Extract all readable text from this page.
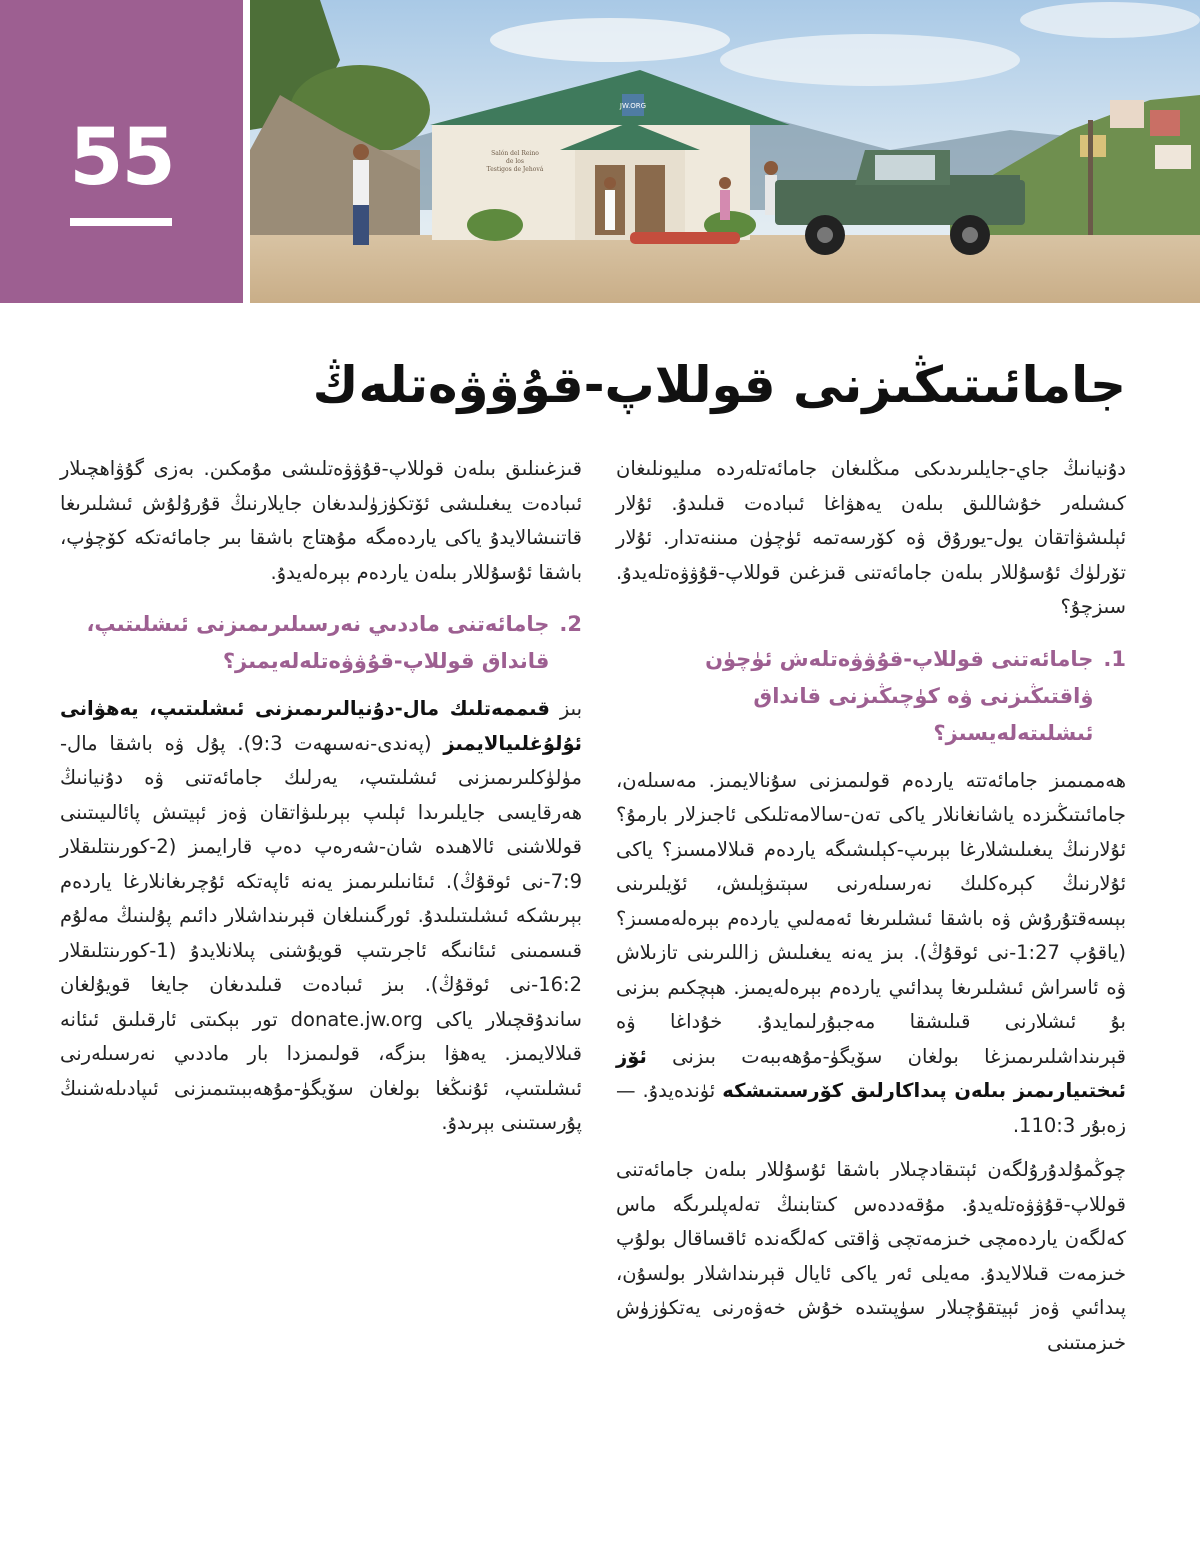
55
JW.ORG
Salón del Reino
de los
Testigos de Jehová
جامائىتىڭىزنى قوللاپ-قۇۋۋەتلەڭ

دۇنيانىڭ جاي-جايلىرىدىكى مىڭلىغان جامائەتلەردە مىليونلىغان كىشىلەر خۇشاللىق بىلەن يەھۋاغا ئىبادەت قىلىدۇ. ئۇلار ئېلىشۋاتقان يول-يورۇق ۋە كۆرسەتمە ئۈچۈن مىننەتدار. ئۇلار تۆرلۈك ئۇسۇللار بىلەن جامائەتنى قىزغىن قوللاپ-قۇۋۋەتلەيدۇ. سىزچۇ؟

1.
جامائەتنى قوللاپ-قۇۋۋەتلەش ئۈچۈن ۋاقتىڭىزنى ۋە كۈچىڭىزنى قانداق ئىشلىتەلەيسىز؟

ھەممىمىز جامائەتتە ياردەم قولىمىزنى سۇنالايمىز. مەسىلەن، جامائىتىڭىزدە ياشانغانلار ياكى تەن-سالامەتلىكى ئاجىزلار بارمۇ؟ ئۇلارنىڭ يىغىلىشلارغا بېرىپ-كېلىشىگە ياردەم قىلالامسىز؟ ياكى ئۇلارنىڭ كېرەكلىك نەرسىلەرنى سېتىۋېلىش، ئۆيلىرىنى بېسەقتۇرۇش ۋە باشقا ئىشلىرىغا ئەمەلىي ياردەم بېرەلەمسىز؟ (ياقۇپ 1:27-نى ئوقۇڭ). بىز يەنە يىغىلىش زاللىرىنى تازىلاش ۋە ئاسراش ئىشلىرىغا پىدائىي ياردەم بېرەلەيمىز. ھېچكىم بىزنى بۇ ئىشلارنى قىلىشقا مەجبۇرلىمايدۇ. خۇداغا ۋە قېرىنداشلىرىمىزغا بولغان سۆيگۈ-مۇھەببەت بىزنى ئۆز ئىختىيارىمىز بىلەن پىداكارلىق كۆرسىتىشكە ئۈندەيدۇ. — زەبۇر 110:3.

چوڭمۇلدۇرۇلگەن ئېتىقادچىلار باشقا ئۇسۇللار بىلەن جامائەتنى قوللاپ-قۇۋۋەتلەيدۇ. مۇقەددەس كىتابنىڭ تەلەپلىرىگە ماس كەلگەن ياردەمچى خىزمەتچى ۋاقتى كەلگەندە ئاقساقال بولۇپ خىزمەت قىلالايدۇ. مەيلى ئەر ياكى ئايال قېرىنداشلار بولسۇن، پىدائىي ۋەز ئېيتقۇچىلار سۈپىتىدە خۇش خەۋەرنى يەتكۈزۈش خىزمىتىنى

قىزغىنلىق بىلەن قوللاپ-قۇۋۋەتلىشى مۇمكىن. بەزى گۇۋاھچىلار ئىبادەت يىغىلىشى ئۆتكۈزۈلىدىغان جايلارنىڭ قۇرۇلۇش ئىشلىرىغا قاتنىشالايدۇ ياكى ياردەمگە مۇھتاج باشقا بىر جامائەتكە كۆچۈپ، باشقا ئۇسۇللار بىلەن ياردەم بېرەلەيدۇ.

2.
جامائەتنى ماددىي نەرسىلىرىمىزنى ئىشلىتىپ، قانداق قوللاپ-قۇۋۋەتلەلەيمىز؟

بىز قىممەتلىك مال-دۇنيالىرىمىزنى ئىشلىتىپ، يەھۋانى ئۇلۇغلىيالايمىز (پەندى-نەسىھەت 9:3). پۇل ۋە باشقا مال-مۈلۈكلىرىمىزنى ئىشلىتىپ، يەرلىك جامائەتنى ۋە دۇنيانىڭ ھەرقايسى جايلىرىدا ئېلىپ بېرىلىۋاتقان ۋەز ئېيتىش پائالىيىتىنى قوللاشنى ئالاھىدە شان-شەرەپ دەپ قارايمىز (2-كورىنتلىقلار 7:9-نى ئوقۇڭ). ئىئانىلىرىمىز يەنە ئاپەتكە ئۇچرىغانلارغا ياردەم بېرىشكە ئىشلىتىلىدۇ. ئورگىنىلغان قېرىنداشلار دائىم پۇلىنىڭ مەلۇم قىسمىنى ئىئانىگە ئاجرىتىپ قويۇشنى پىلانلايدۇ (1-كورىنتلىقلار 16:2-نى ئوقۇڭ). بىز ئىبادەت قىلىدىغان جايغا قويۇلغان ساندۇقچىلار ياكى donate.jw.org تور بېكىتى ئارقىلىق ئىئانە قىلالايمىز. يەھۋا بىزگە، قولىمىزدا بار ماددىي نەرسىلەرنى ئىشلىتىپ، ئۇنىڭغا بولغان سۆيگۈ-مۇھەببىتىمىزنى ئىپادىلەشنىڭ پۇرسىتىنى بېرىدۇ.
